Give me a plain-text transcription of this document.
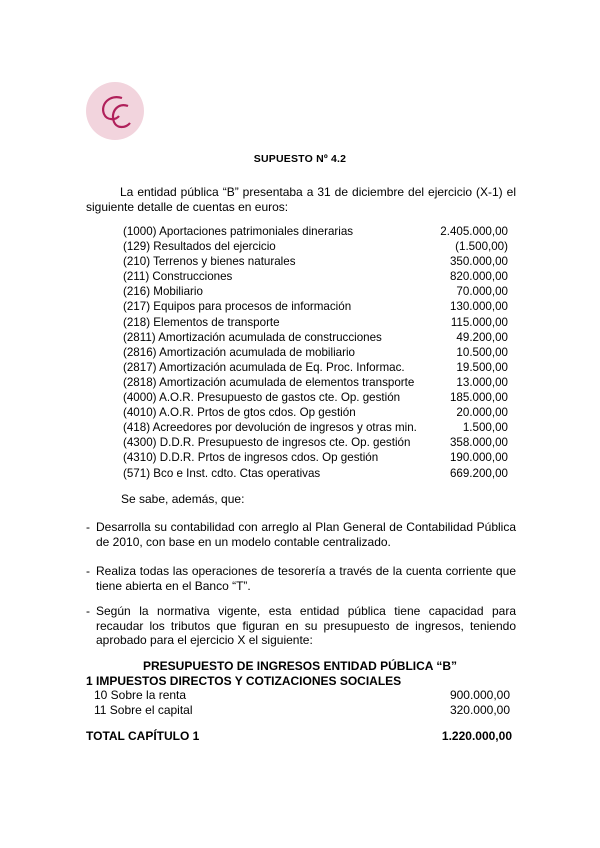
SUPUESTO Nº 4.2
La entidad pública “B” presentaba a 31 de diciembre del ejercicio (X-1) el siguiente detalle de cuentas en euros:
(1000) Aportaciones patrimoniales dinerarias	2.405.000,00
(129) Resultados del ejercicio	(1.500,00)
(210) Terrenos y bienes naturales	350.000,00
(211) Construcciones	820.000,00
(216) Mobiliario	70.000,00
(217) Equipos para procesos de información	130.000,00
(218) Elementos de transporte	115.000,00
(2811) Amortización acumulada de construcciones	49.200,00
(2816) Amortización acumulada de mobiliario	10.500,00
(2817) Amortización acumulada de Eq. Proc. Informac.	19.500,00
(2818) Amortización acumulada de elementos transporte	13.000,00
(4000) A.O.R. Presupuesto de gastos cte. Op. gestión	185.000,00
(4010) A.O.R. Prtos de gtos cdos. Op gestión	20.000,00
(418) Acreedores por devolución de ingresos y otras min.	1.500,00
(4300) D.D.R. Presupuesto de ingresos cte. Op. gestión	358.000,00
(4310) D.D.R. Prtos de ingresos cdos. Op gestión	190.000,00
(571) Bco e Inst. cdto. Ctas operativas	669.200,00
Se sabe, además, que:
- Desarrolla su contabilidad con arreglo al Plan General de Contabilidad Pública de 2010, con base en un modelo contable centralizado.
- Realiza todas las operaciones de tesorería a través de la cuenta corriente que tiene abierta en el Banco “T”.
- Según la normativa vigente, esta entidad pública tiene capacidad para recaudar los tributos que figuran en su presupuesto de ingresos, teniendo aprobado para el ejercicio X el siguiente:
PRESUPUESTO DE INGRESOS ENTIDAD PÚBLICA “B”
1 IMPUESTOS DIRECTOS Y COTIZACIONES SOCIALES
10 Sobre la renta	900.000,00
11 Sobre el capital	320.000,00
TOTAL CAPÍTULO 1	1.220.000,00
